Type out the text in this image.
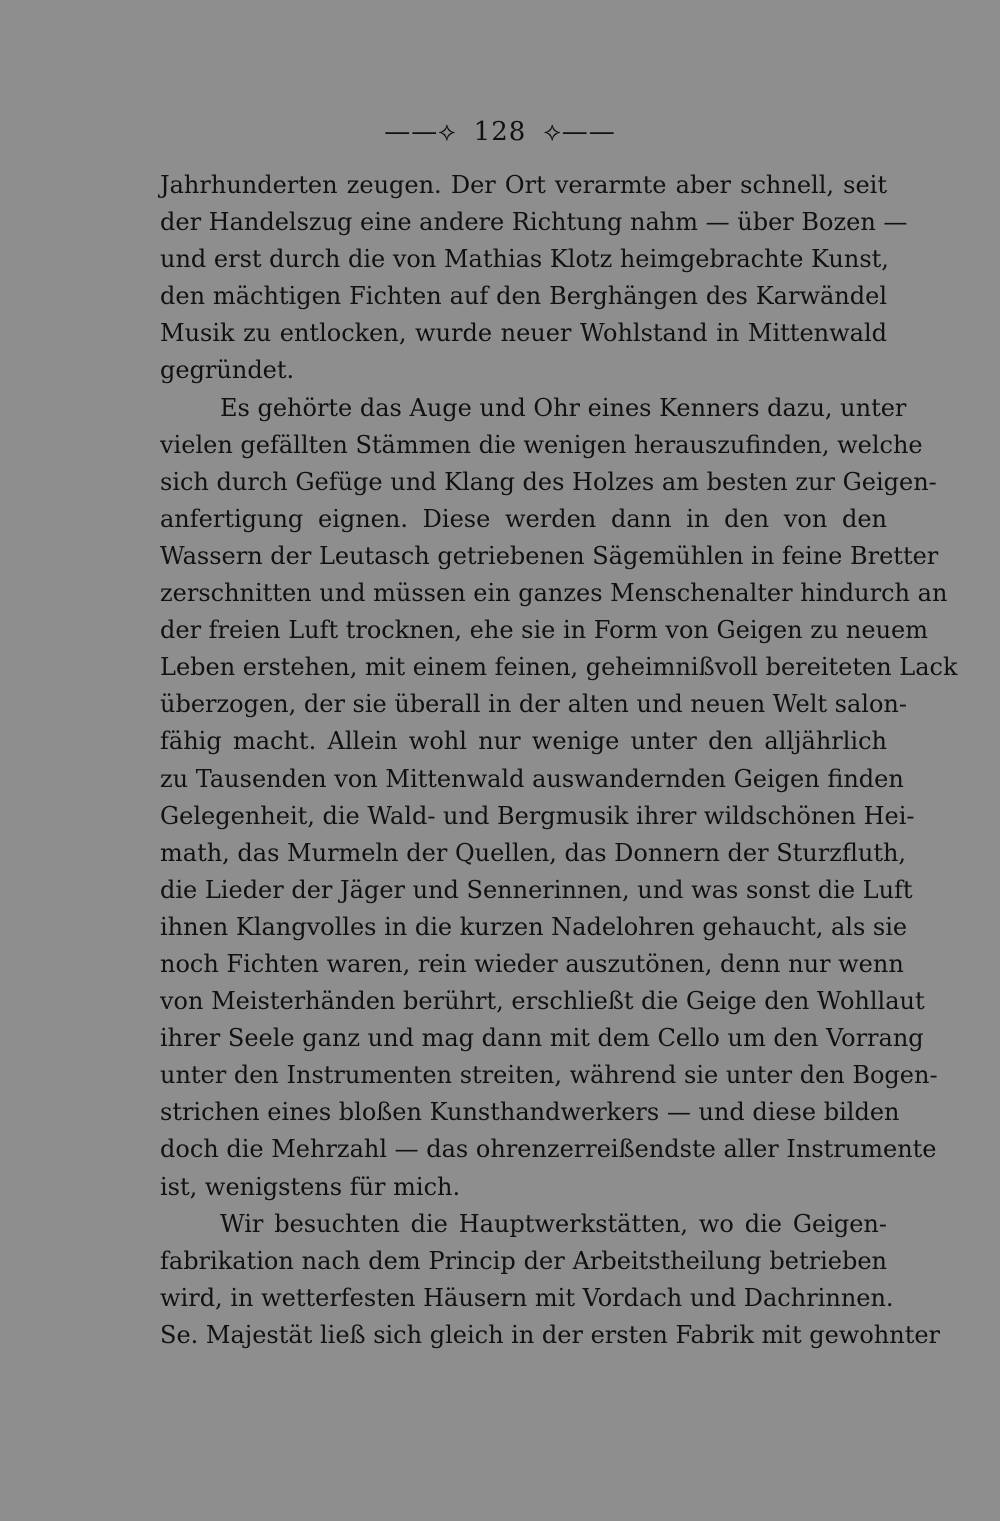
——⟡ 128 ⟡——
Jahrhunderten zeugen. Der Ort verarmte aber schnell, seit
der Handelszug eine andere Richtung nahm — über Bozen —
und erst durch die von Mathias Klotz heimgebrachte Kunst,
den mächtigen Fichten auf den Berghängen des Karwändel
Musik zu entlocken, wurde neuer Wohlstand in Mittenwald
gegründet.
Es gehörte das Auge und Ohr eines Kenners dazu, unter
vielen gefällten Stämmen die wenigen herauszufinden, welche
sich durch Gefüge und Klang des Holzes am besten zur Geigen-
anfertigung eignen. Diese werden dann in den von den
Wassern der Leutasch getriebenen Sägemühlen in feine Bretter
zerschnitten und müssen ein ganzes Menschenalter hindurch an
der freien Luft trocknen, ehe sie in Form von Geigen zu neuem
Leben erstehen, mit einem feinen, geheimnißvoll bereiteten Lack
überzogen, der sie überall in der alten und neuen Welt salon-
fähig macht. Allein wohl nur wenige unter den alljährlich
zu Tausenden von Mittenwald auswandernden Geigen finden
Gelegenheit, die Wald- und Bergmusik ihrer wildschönen Hei-
math, das Murmeln der Quellen, das Donnern der Sturzfluth,
die Lieder der Jäger und Sennerinnen, und was sonst die Luft
ihnen Klangvolles in die kurzen Nadelohren gehaucht, als sie
noch Fichten waren, rein wieder auszutönen, denn nur wenn
von Meisterhänden berührt, erschließt die Geige den Wohllaut
ihrer Seele ganz und mag dann mit dem Cello um den Vorrang
unter den Instrumenten streiten, während sie unter den Bogen-
strichen eines bloßen Kunsthandwerkers — und diese bilden
doch die Mehrzahl — das ohrenzerreißendste aller Instrumente
ist, wenigstens für mich.
Wir besuchten die Hauptwerkstätten, wo die Geigen-
fabrikation nach dem Princip der Arbeitstheilung betrieben
wird, in wetterfesten Häusern mit Vordach und Dachrinnen.
Se. Majestät ließ sich gleich in der ersten Fabrik mit gewohnter
